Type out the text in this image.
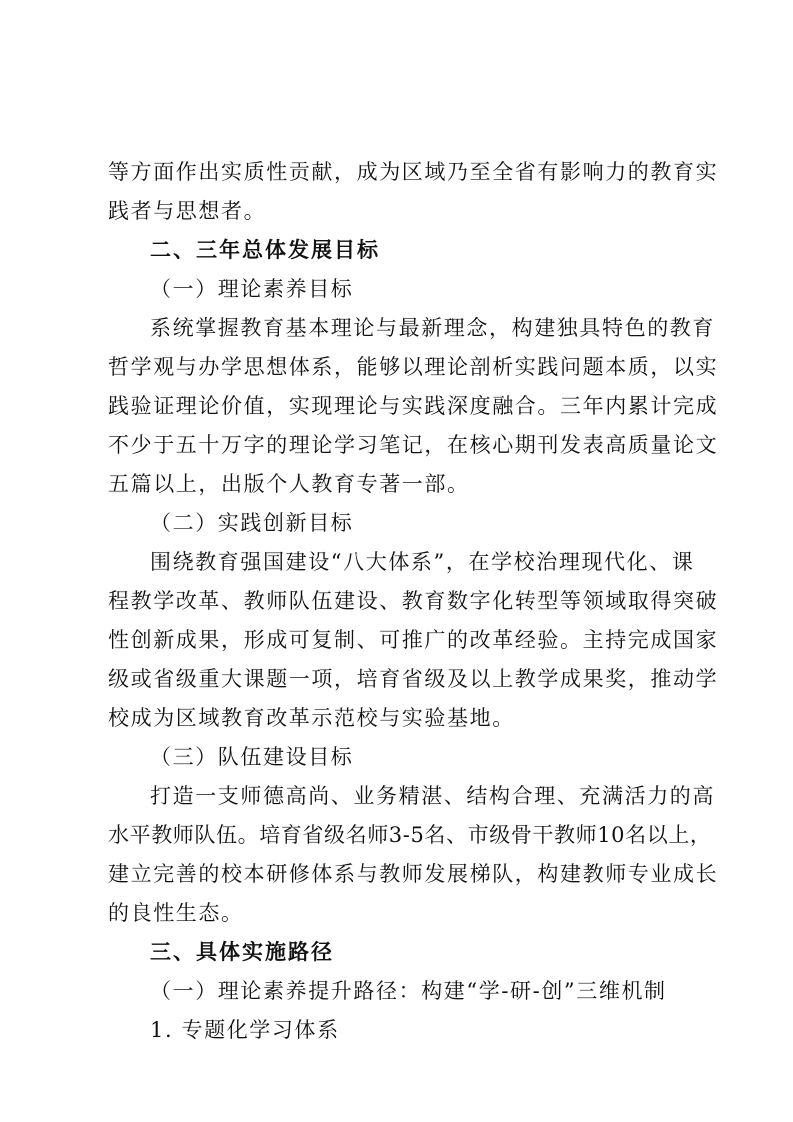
等方面作出实质性贡献，成为区域乃至全省有影响力的教育实
践者与思想者。
二、三年总体发展目标
（一）理论素养目标
系统掌握教育基本理论与最新理念，构建独具特色的教育
哲学观与办学思想体系，能够以理论剖析实践问题本质，以实
践验证理论价值，实现理论与实践深度融合。三年内累计完成
不少于五十万字的理论学习笔记，在核心期刊发表高质量论文
五篇以上，出版个人教育专著一部。
（二）实践创新目标
围绕教育强国建设“八大体系”，在学校治理现代化、课
程教学改革、教师队伍建设、教育数字化转型等领域取得突破
性创新成果，形成可复制、可推广的改革经验。主持完成国家
级或省级重大课题一项，培育省级及以上教学成果奖，推动学
校成为区域教育改革示范校与实验基地。
（三）队伍建设目标
打造一支师德高尚、业务精湛、结构合理、充满活力的高
水平教师队伍。培育省级名师3-5名、市级骨干教师10名以上，
建立完善的校本研修体系与教师发展梯队，构建教师专业成长
的良性生态。
三、具体实施路径
（一）理论素养提升路径：构建“学-研-创”三维机制
1. 专题化学习体系
